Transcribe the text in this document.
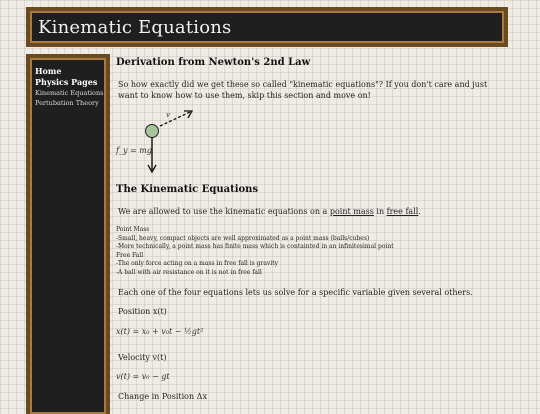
Kinematic Equations
Home
Physics Pages
Kinematic Equations
Pertubation Theory
Derivation from Newton's 2nd Law

So how exactly did we get these so called "kinematic equations"? If you don't care and just want to know how to use them, skip this section and move on!

v
f_y = mg
The Kinematic Equations

We are allowed to use the kinematic equations on a point mass in free fall.

Point Mass
-Small, heavy, compact objects are well approximated as a point mass (balls/cubes)
-More technically, a point mass has finite mass which is containted in an infinitesimal point
Free Fall
-The only force acting on a mass in free fall is gravity
-A ball with air resistance on it is not in free fall

Each one of the four equations lets us solve for a specific variable given several others.

Position x(t)
x(t) = x₀ + v₀t − ½gt²
Velocity v(t)
v(t) = v₀ − gt
Change in Position Δx
